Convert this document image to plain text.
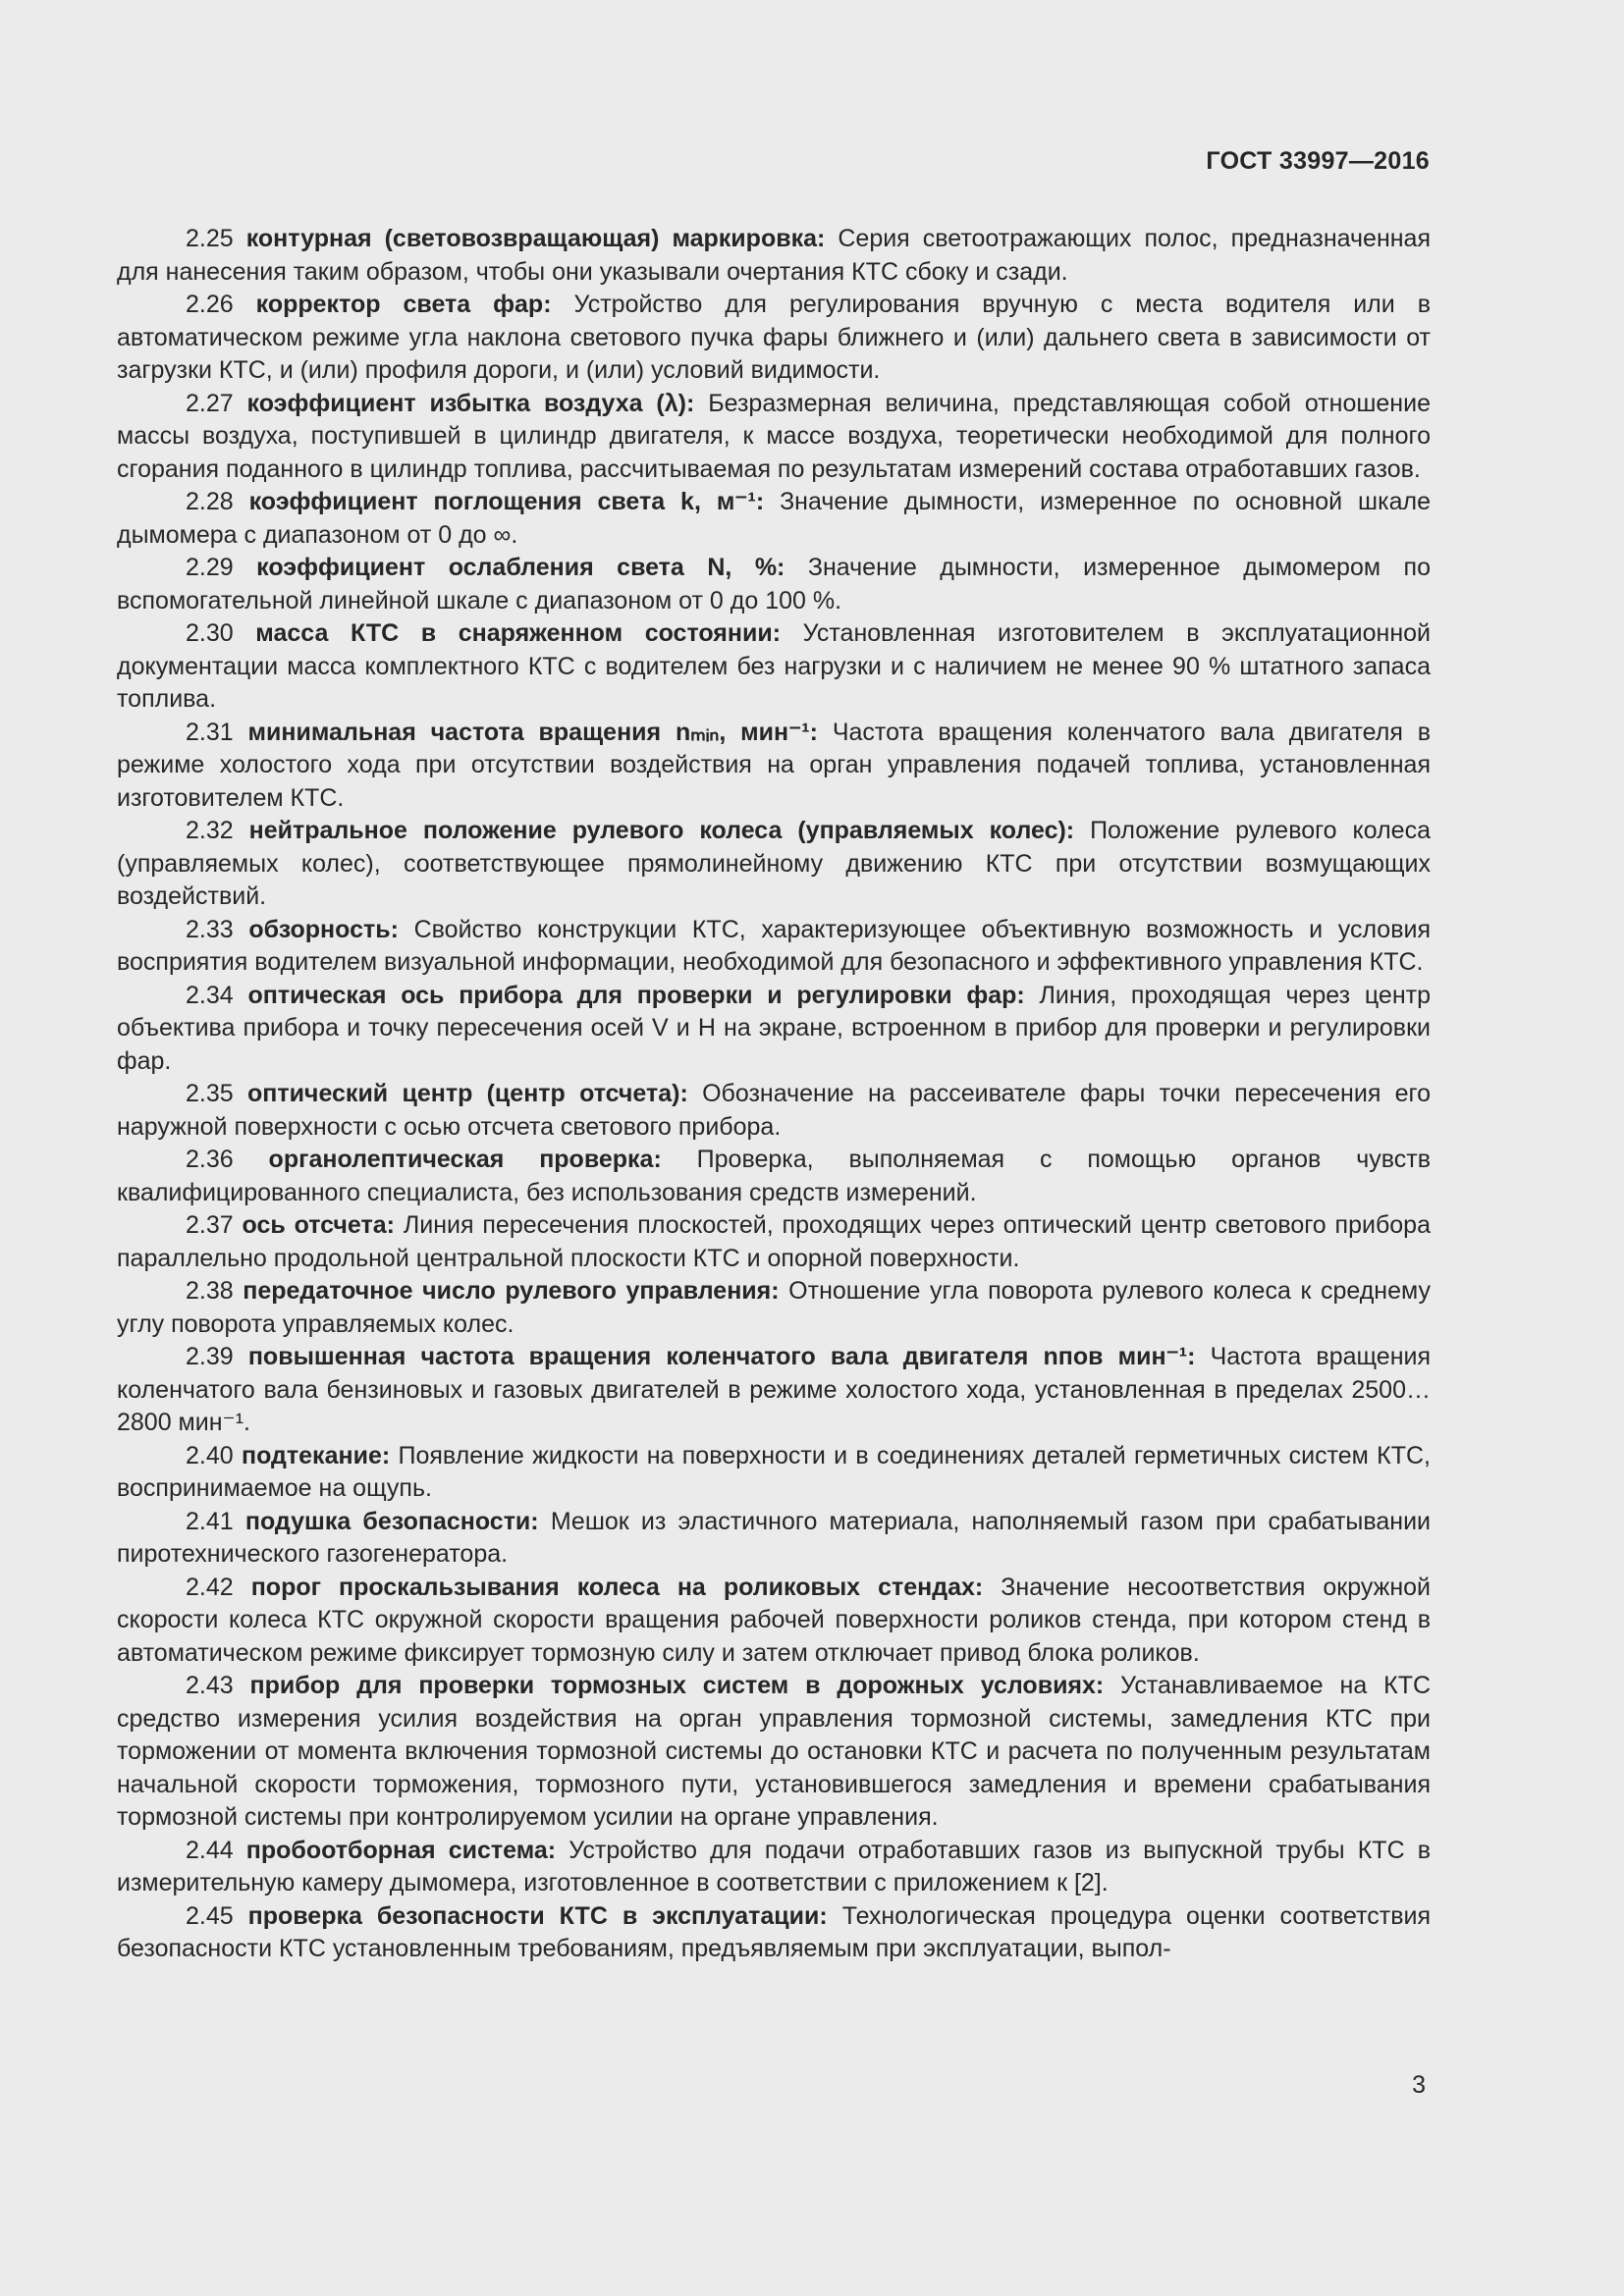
ГОСТ 33997—2016

2.25 контурная (световозвращающая) маркировка: Серия светоотражающих полос, предназначенная для нанесения таким образом, чтобы они указывали очертания КТС сбоку и сзади.

2.26 корректор света фар: Устройство для регулирования вручную с места водителя или в автоматическом режиме угла наклона светового пучка фары ближнего и (или) дальнего света в зависимости от загрузки КТС, и (или) профиля дороги, и (или) условий видимости.

2.27 коэффициент избытка воздуха (λ): Безразмерная величина, представляющая собой отношение массы воздуха, поступившей в цилиндр двигателя, к массе воздуха, теоретически необходимой для полного сгорания поданного в цилиндр топлива, рассчитываемая по результатам измерений состава отработавших газов.

2.28 коэффициент поглощения света k, м⁻¹: Значение дымности, измеренное по основной шкале дымомера с диапазоном от 0 до ∞.

2.29 коэффициент ослабления света N, %: Значение дымности, измеренное дымомером по вспомогательной линейной шкале с диапазоном от 0 до 100 %.

2.30 масса КТС в снаряженном состоянии: Установленная изготовителем в эксплуатационной документации масса комплектного КТС с водителем без нагрузки и с наличием не менее 90 % штатного запаса топлива.

2.31 минимальная частота вращения nₘᵢₙ, мин⁻¹: Частота вращения коленчатого вала двигателя в режиме холостого хода при отсутствии воздействия на орган управления подачей топлива, установленная изготовителем КТС.

2.32 нейтральное положение рулевого колеса (управляемых колес): Положение рулевого колеса (управляемых колес), соответствующее прямолинейному движению КТС при отсутствии возмущающих воздействий.

2.33 обзорность: Свойство конструкции КТС, характеризующее объективную возможность и условия восприятия водителем визуальной информации, необходимой для безопасного и эффективного управления КТС.

2.34 оптическая ось прибора для проверки и регулировки фар: Линия, проходящая через центр объектива прибора и точку пересечения осей V и H на экране, встроенном в прибор для проверки и регулировки фар.

2.35 оптический центр (центр отсчета): Обозначение на рассеивателе фары точки пересечения его наружной поверхности с осью отсчета светового прибора.

2.36 органолептическая проверка: Проверка, выполняемая с помощью органов чувств квалифицированного специалиста, без использования средств измерений.

2.37 ось отсчета: Линия пересечения плоскостей, проходящих через оптический центр светового прибора параллельно продольной центральной плоскости КТС и опорной поверхности.

2.38 передаточное число рулевого управления: Отношение угла поворота рулевого колеса к среднему углу поворота управляемых колес.

2.39 повышенная частота вращения коленчатого вала двигателя nпов мин⁻¹: Частота вращения коленчатого вала бензиновых и газовых двигателей в режиме холостого хода, установленная в пределах 2500…2800 мин⁻¹.

2.40 подтекание: Появление жидкости на поверхности и в соединениях деталей герметичных систем КТС, воспринимаемое на ощупь.

2.41 подушка безопасности: Мешок из эластичного материала, наполняемый газом при срабатывании пиротехнического газогенератора.

2.42 порог проскальзывания колеса на роликовых стендах: Значение несоответствия окружной скорости колеса КТС окружной скорости вращения рабочей поверхности роликов стенда, при котором стенд в автоматическом режиме фиксирует тормозную силу и затем отключает привод блока роликов.

2.43 прибор для проверки тормозных систем в дорожных условиях: Устанавливаемое на КТС средство измерения усилия воздействия на орган управления тормозной системы, замедления КТС при торможении от момента включения тормозной системы до остановки КТС и расчета по полученным результатам начальной скорости торможения, тормозного пути, установившегося замедления и времени срабатывания тормозной системы при контролируемом усилии на органе управления.

2.44 пробоотборная система: Устройство для подачи отработавших газов из выпускной трубы КТС в измерительную камеру дымомера, изготовленное в соответствии с приложением к [2].

2.45 проверка безопасности КТС в эксплуатации: Технологическая процедура оценки соответствия безопасности КТС установленным требованиям, предъявляемым при эксплуатации, выпол-

3
